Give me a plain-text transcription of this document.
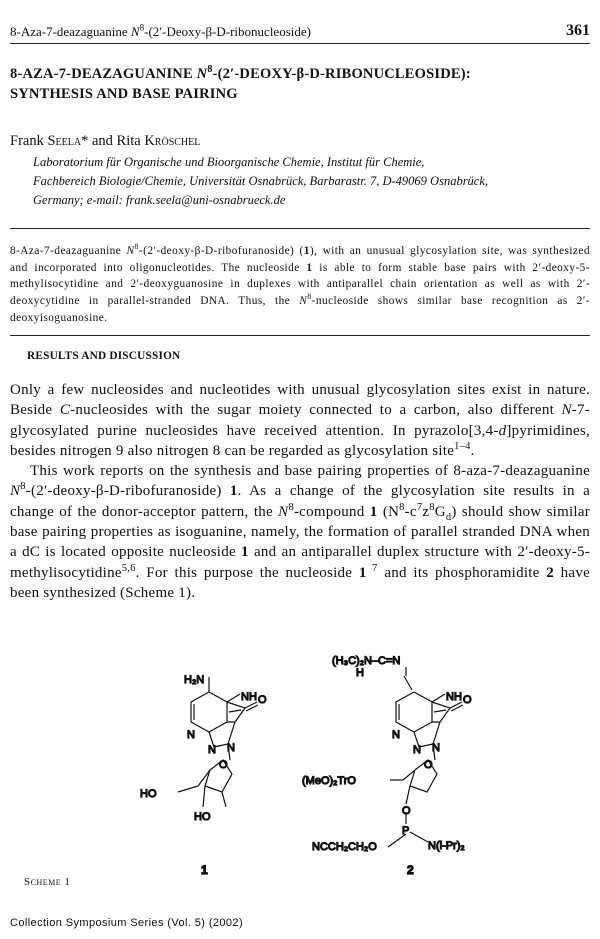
8-Aza-7-deazaguanine $N^8-(2'-Deoxy-\beta-D-ribonucleoside)$	361
8-AZA-7-DEAZAGUANINE $N^8-(2'-DEOXY-\beta-D-RIBONUCLEOSIDE)$:
SYNTHESIS AND BASE PAIRING
Frank Seela* and Rita Kröschel
Laboratorium für Organische und Bioorganische Chemie, Institut für Chemie,
Fachbereich Biologie/Chemie, Universität Osnabrück, Barbarastr. 7, D-49069 Osnabrück,
Germany; e-mail: frank.seela@uni-osnabrueck.de

8-Aza-7-deazaguanine $N^8-(2'-deoxy-\beta-D-ribofuranoside)$ (1), with an unusual glycosylation site, was synthesized and incorporated into oligonucleotides. The nucleoside 1 is able to form stable base pairs with 2′-deoxy-5-methylisocytidine and 2′-deoxyguanosine in duplexes with antiparallel chain orientation as well as with 2′-deoxycytidine in parallel-stranded DNA. Thus, the $N^8$-nucleoside shows similar base recognition as 2′-deoxyisoguanosine.

RESULTS AND DISCUSSION

Only a few nucleosides and nucleotides with unusual glycosylation sites exist in nature. Beside C-nucleosides with the sugar moiety connected to a carbon, also different N-7-glycosylated purine nucleosides have received attention. In pyrazolo[3,4-d]pyrimidines, besides nitrogen 9 also nitrogen 8 can be regarded as glycosylation site$^{1-4}$.

This work reports on the synthesis and base pairing properties of 8-aza-7-deazaguanine $N^8-(2'-deoxy-\beta-D-ribofuranoside)$ 1. As a change of the glycosylation site results in a change of the donor-acceptor pattern, the $N^8$-compound 1 $(N^8-c^7z^8G_d)$ should show similar base pairing properties as isoguanine, namely, the formation of parallel stranded DNA when a dC is located opposite nucleoside 1 and an antiparallel duplex structure with 2′-deoxy-5-methylisocytidine$^{5,6}$. For this purpose the nucleoside 1 $^7$ and its phosphoramidite 2 have been synthesized (Scheme 1).

H₂N
NH O
N
N N
O
HO
HO
1
(H₃C)₂N–C=N
H
NH O
N
N N
O
(MeO)₂TrO
O
P
N(i-Pr)₂
NCCH₂CH₂O
2
Scheme 1
Collection Symposium Series (Vol. 5) (2002)
